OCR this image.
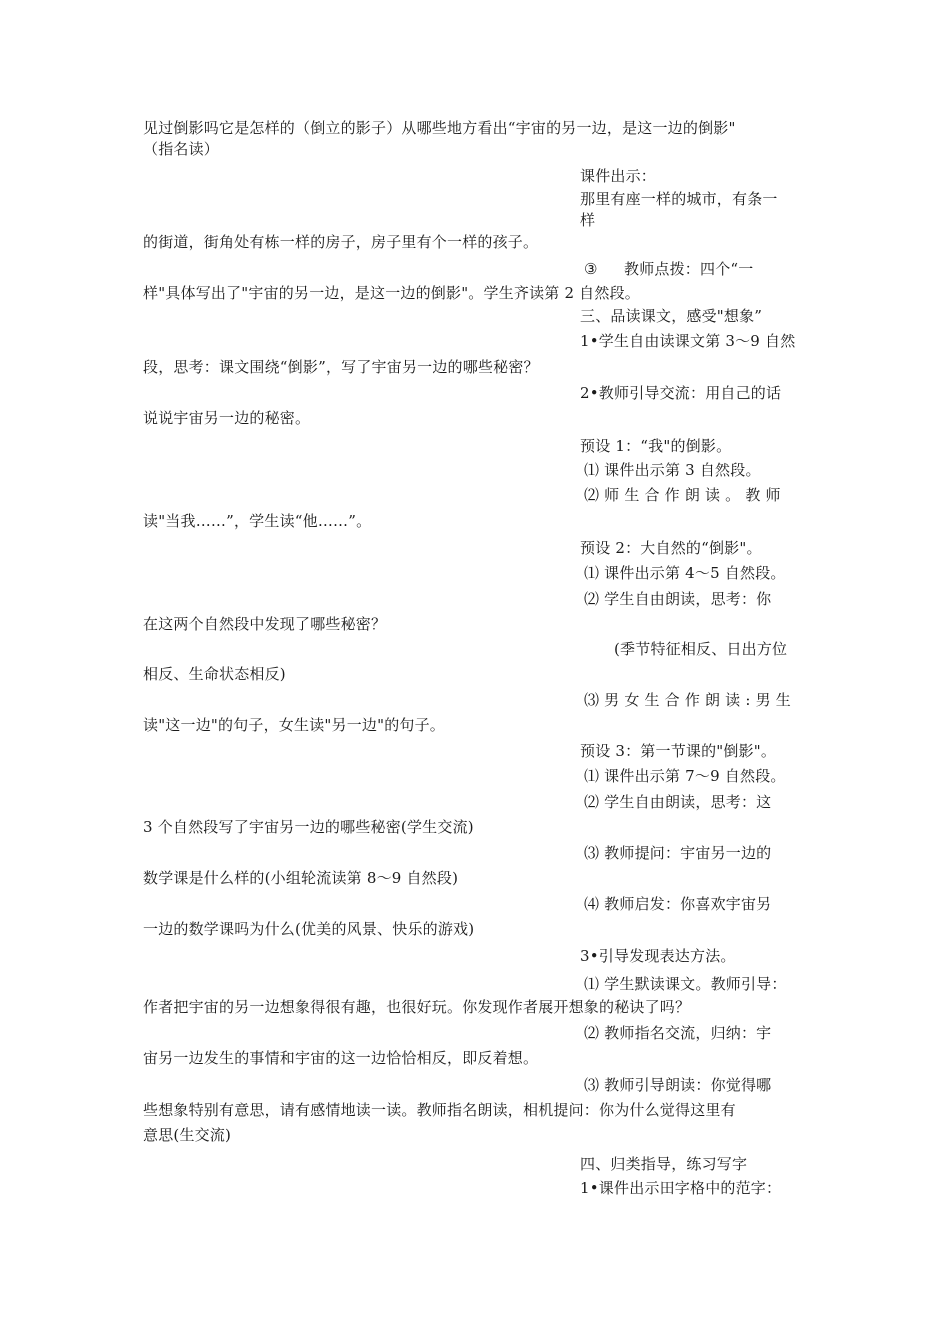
见过倒影吗它是怎样的（倒立的影子）从哪些地方看出“宇宙的另一边，是这一边的倒影"
（指名读）
课件出示：
那里有座一样的城市，有条一
样
的街道，街角处有栋一样的房子，房子里有个一样的孩子。
③ 教师点拨：四个“一
样"具体写出了"宇宙的另一边，是这一边的倒影"。学生齐读第 2 自然段。
三、品读课文，感受"想象”
1•学生自由读课文第 3〜9 自然
段，思考：课文围绕“倒影”，写了宇宙另一边的哪些秘密？
2•教师引导交流：用自己的话
说说宇宙另一边的秘密。
预设 1：“我"的倒影。
⑴ 课件出示第 3 自然段。
⑵ 师 生 合 作 朗 读 。 教 师
读"当我……”，学生读“他……”。
预设 2：大自然的“倒影"。
⑴ 课件出示第 4〜5 自然段。
⑵ 学生自由朗读，思考：你
在这两个自然段中发现了哪些秘密？
(季节特征相反、日出方位
相反、生命状态相反)
⑶ 男 女 生 合 作 朗 读 : 男 生
读"这一边"的句子，女生读"另一边"的句子。
预设 3：第一节课的"倒影"。
⑴ 课件出示第 7〜9 自然段。
⑵ 学生自由朗读，思考：这
3 个自然段写了宇宙另一边的哪些秘密(学生交流)
⑶ 教师提问：宇宙另一边的
数学课是什么样的(小组轮流读第 8〜9 自然段)
⑷ 教师启发：你喜欢宇宙另
一边的数学课吗为什么(优美的风景、快乐的游戏)
3•引导发现表达方法。
⑴ 学生默读课文。教师引导：
作者把宇宙的另一边想象得很有趣，也很好玩。你发现作者展开想象的秘诀了吗？
⑵ 教师指名交流，归纳：宇
宙另一边发生的事情和宇宙的这一边恰恰相反，即反着想。
⑶ 教师引导朗读：你觉得哪
些想象特别有意思，请有感情地读一读。教师指名朗读，相机提问：你为什么觉得这里有
意思(生交流)
四、归类指导，练习写字
1•课件出示田字格中的范字：
